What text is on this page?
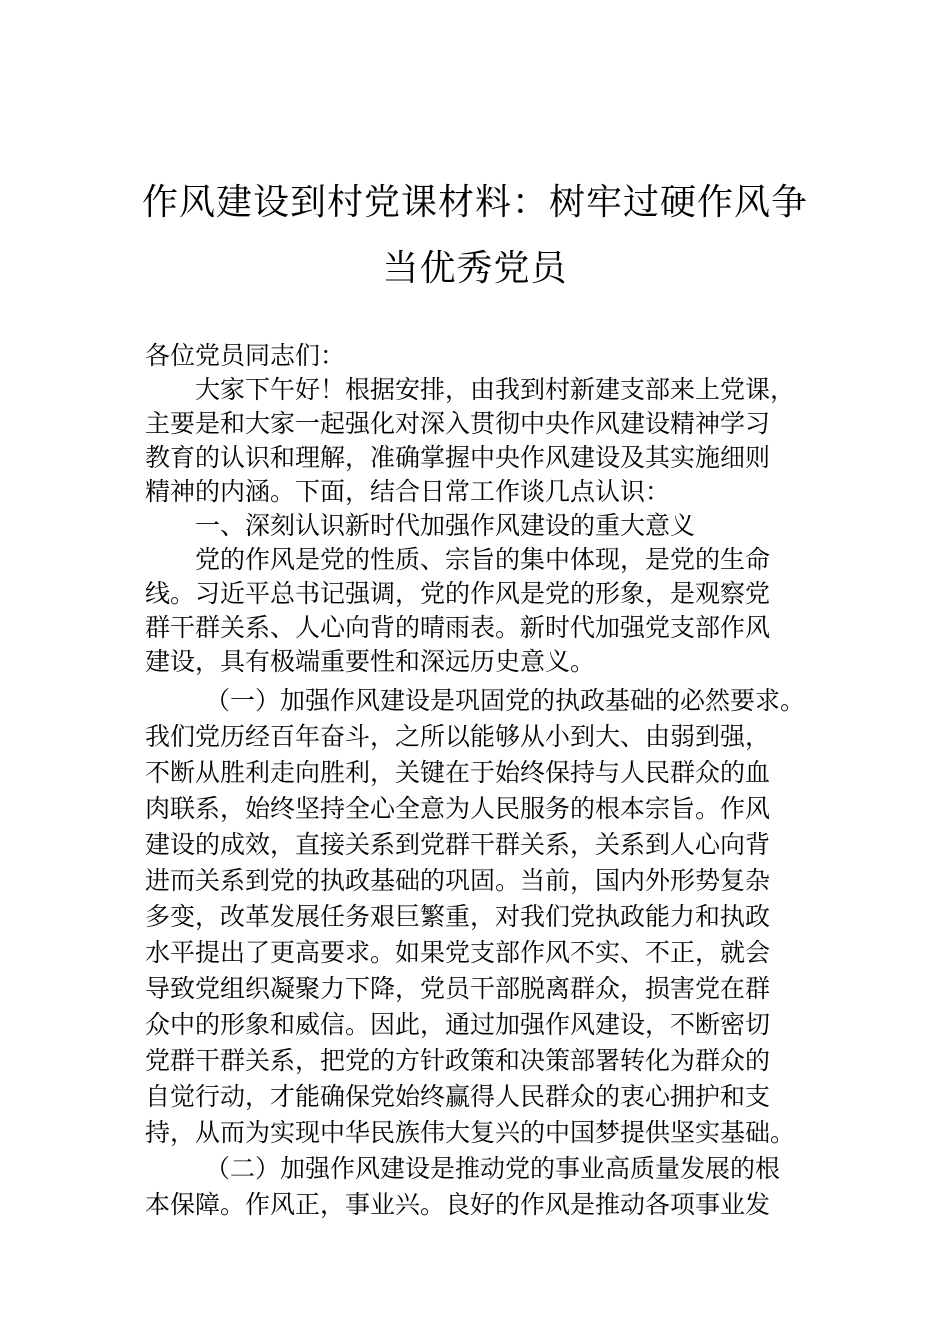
作风建设到村党课材料：树牢过硬作风争
当优秀党员
各位党员同志们：
大家下午好！根据安排，由我到村新建支部来上党课，
主要是和大家一起强化对深入贯彻中央作风建设精神学习
教育的认识和理解，准确掌握中央作风建设及其实施细则
精神的内涵。下面，结合日常工作谈几点认识：
一、深刻认识新时代加强作风建设的重大意义
党的作风是党的性质、宗旨的集中体现，是党的生命
线。习近平总书记强调，党的作风是党的形象，是观察党
群干群关系、人心向背的晴雨表。新时代加强党支部作风
建设，具有极端重要性和深远历史意义。
（一）加强作风建设是巩固党的执政基础的必然要求。
我们党历经百年奋斗，之所以能够从小到大、由弱到强，
不断从胜利走向胜利，关键在于始终保持与人民群众的血
肉联系，始终坚持全心全意为人民服务的根本宗旨。作风
建设的成效，直接关系到党群干群关系，关系到人心向背
进而关系到党的执政基础的巩固。当前，国内外形势复杂
多变，改革发展任务艰巨繁重，对我们党执政能力和执政
水平提出了更高要求。如果党支部作风不实、不正，就会
导致党组织凝聚力下降，党员干部脱离群众，损害党在群
众中的形象和威信。因此，通过加强作风建设，不断密切
党群干群关系，把党的方针政策和决策部署转化为群众的
自觉行动，才能确保党始终赢得人民群众的衷心拥护和支
持，从而为实现中华民族伟大复兴的中国梦提供坚实基础。
（二）加强作风建设是推动党的事业高质量发展的根
本保障。作风正，事业兴。良好的作风是推动各项事业发
